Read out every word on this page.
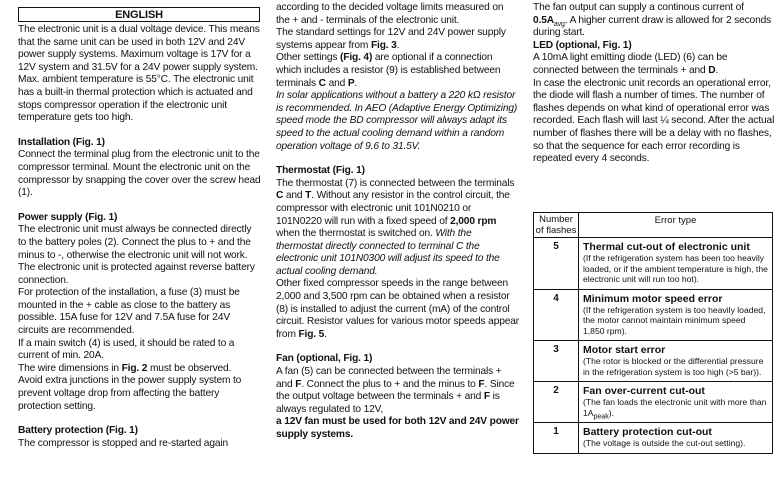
ENGLISH

The electronic unit is a dual voltage device. This means that the same unit can be used in both 12V and 24V power supply systems. Maximum voltage is 17V for a 12V system and 31.5V for a 24V power supply system. Max. ambient temperature is 55°C. The electronic unit has a built-in thermal protection which is actuated and stops compressor operation if the electronic unit temperature gets too high.

Installation (Fig. 1)

Connect the terminal plug from the electronic unit to the compressor terminal. Mount the electronic unit on the compressor by snapping the cover over the screw head (1).

Power supply (Fig. 1)

The electronic unit must always be connected directly to the battery poles (2). Connect the plus to + and the minus to -, otherwise the electronic unit will not work. The electronic unit is protected against reverse battery connection.

For protection of the installation, a fuse (3) must be mounted in the + cable as close to the battery as possible. 15A fuse for 12V and 7.5A fuse for 24V circuits are recommended.

If a main switch (4) is used, it should be rated to a current of min. 20A.

The wire dimensions in Fig. 2 must be observed.

Avoid extra junctions in the power supply system to prevent voltage drop from affecting the battery protection setting.

Battery protection (Fig. 1)

The compressor is stopped and re-started again

according to the decided voltage limits measured on the + and - terminals of the electronic unit.

The standard settings for 12V and 24V power supply systems appear from Fig. 3.

Other settings (Fig. 4) are optional if a connection which includes a resistor (9) is established between terminals C and P.

In solar applications without a battery a 220 kΩ resistor is recommended. In AEO (Adaptive Energy Optimizing) speed mode the BD compressor will always adapt its speed to the actual cooling demand within a random operation voltage of 9.6 to 31.5V.

Thermostat (Fig. 1)

The thermostat (7) is connected between the terminals C and T. Without any resistor in the control circuit, the compressor with electronic unit 101N0210 or 101N0220 will run with a fixed speed of 2,000 rpm when the thermostat is switched on. With the thermostat directly connected to terminal C the electronic unit 101N0300 will adjust its speed to the actual cooling demand.

Other fixed compressor speeds in the range between 2,000 and 3,500 rpm can be obtained when a resistor (8) is installed to adjust the current (mA) of the control circuit. Resistor values for various motor speeds appear from Fig. 5.

Fan (optional, Fig. 1)

A fan (5) can be connected between the terminals + and F. Connect the plus to + and the minus to F. Since the output voltage between the terminals + and F is always regulated to 12V,

a 12V fan must be used for both 12V and 24V power supply systems.

The fan output can supply a continous current of $0.5A_{avg}$. A higher current draw is allowed for 2 seconds during start.

LED (optional, Fig. 1)

A 10mA light emitting diode (LED) (6) can be connected between the terminals + and D.

In case the electronic unit records an operational error, the diode will flash a number of times. The number of flashes depends on what kind of operational error was recorded. Each flash will last ¼ second. After the actual number of flashes there will be a delay with no flashes, so that the sequence for each error recording is repeated every 4 seconds.

Number of flashes	Error type
5	Thermal cut-out of electronic unit
(If the refrigeration system has been too heavily loaded, or if the ambient temperature is high, the electronic unit will run too hot).

4	Minimum motor speed error
(If the refrigeration system is too heavily loaded, the motor cannot maintain minimum speed 1,850 rpm).

3	Motor start error
(The rotor is blocked or the differential pressure in the refrigeration system is too high (>5 bar)).

2	Fan over-current cut-out
(The fan loads the electronic unit with more than $1A_{peak}$).

1	Battery protection cut-out
(The voltage is outside the cut-out setting).
